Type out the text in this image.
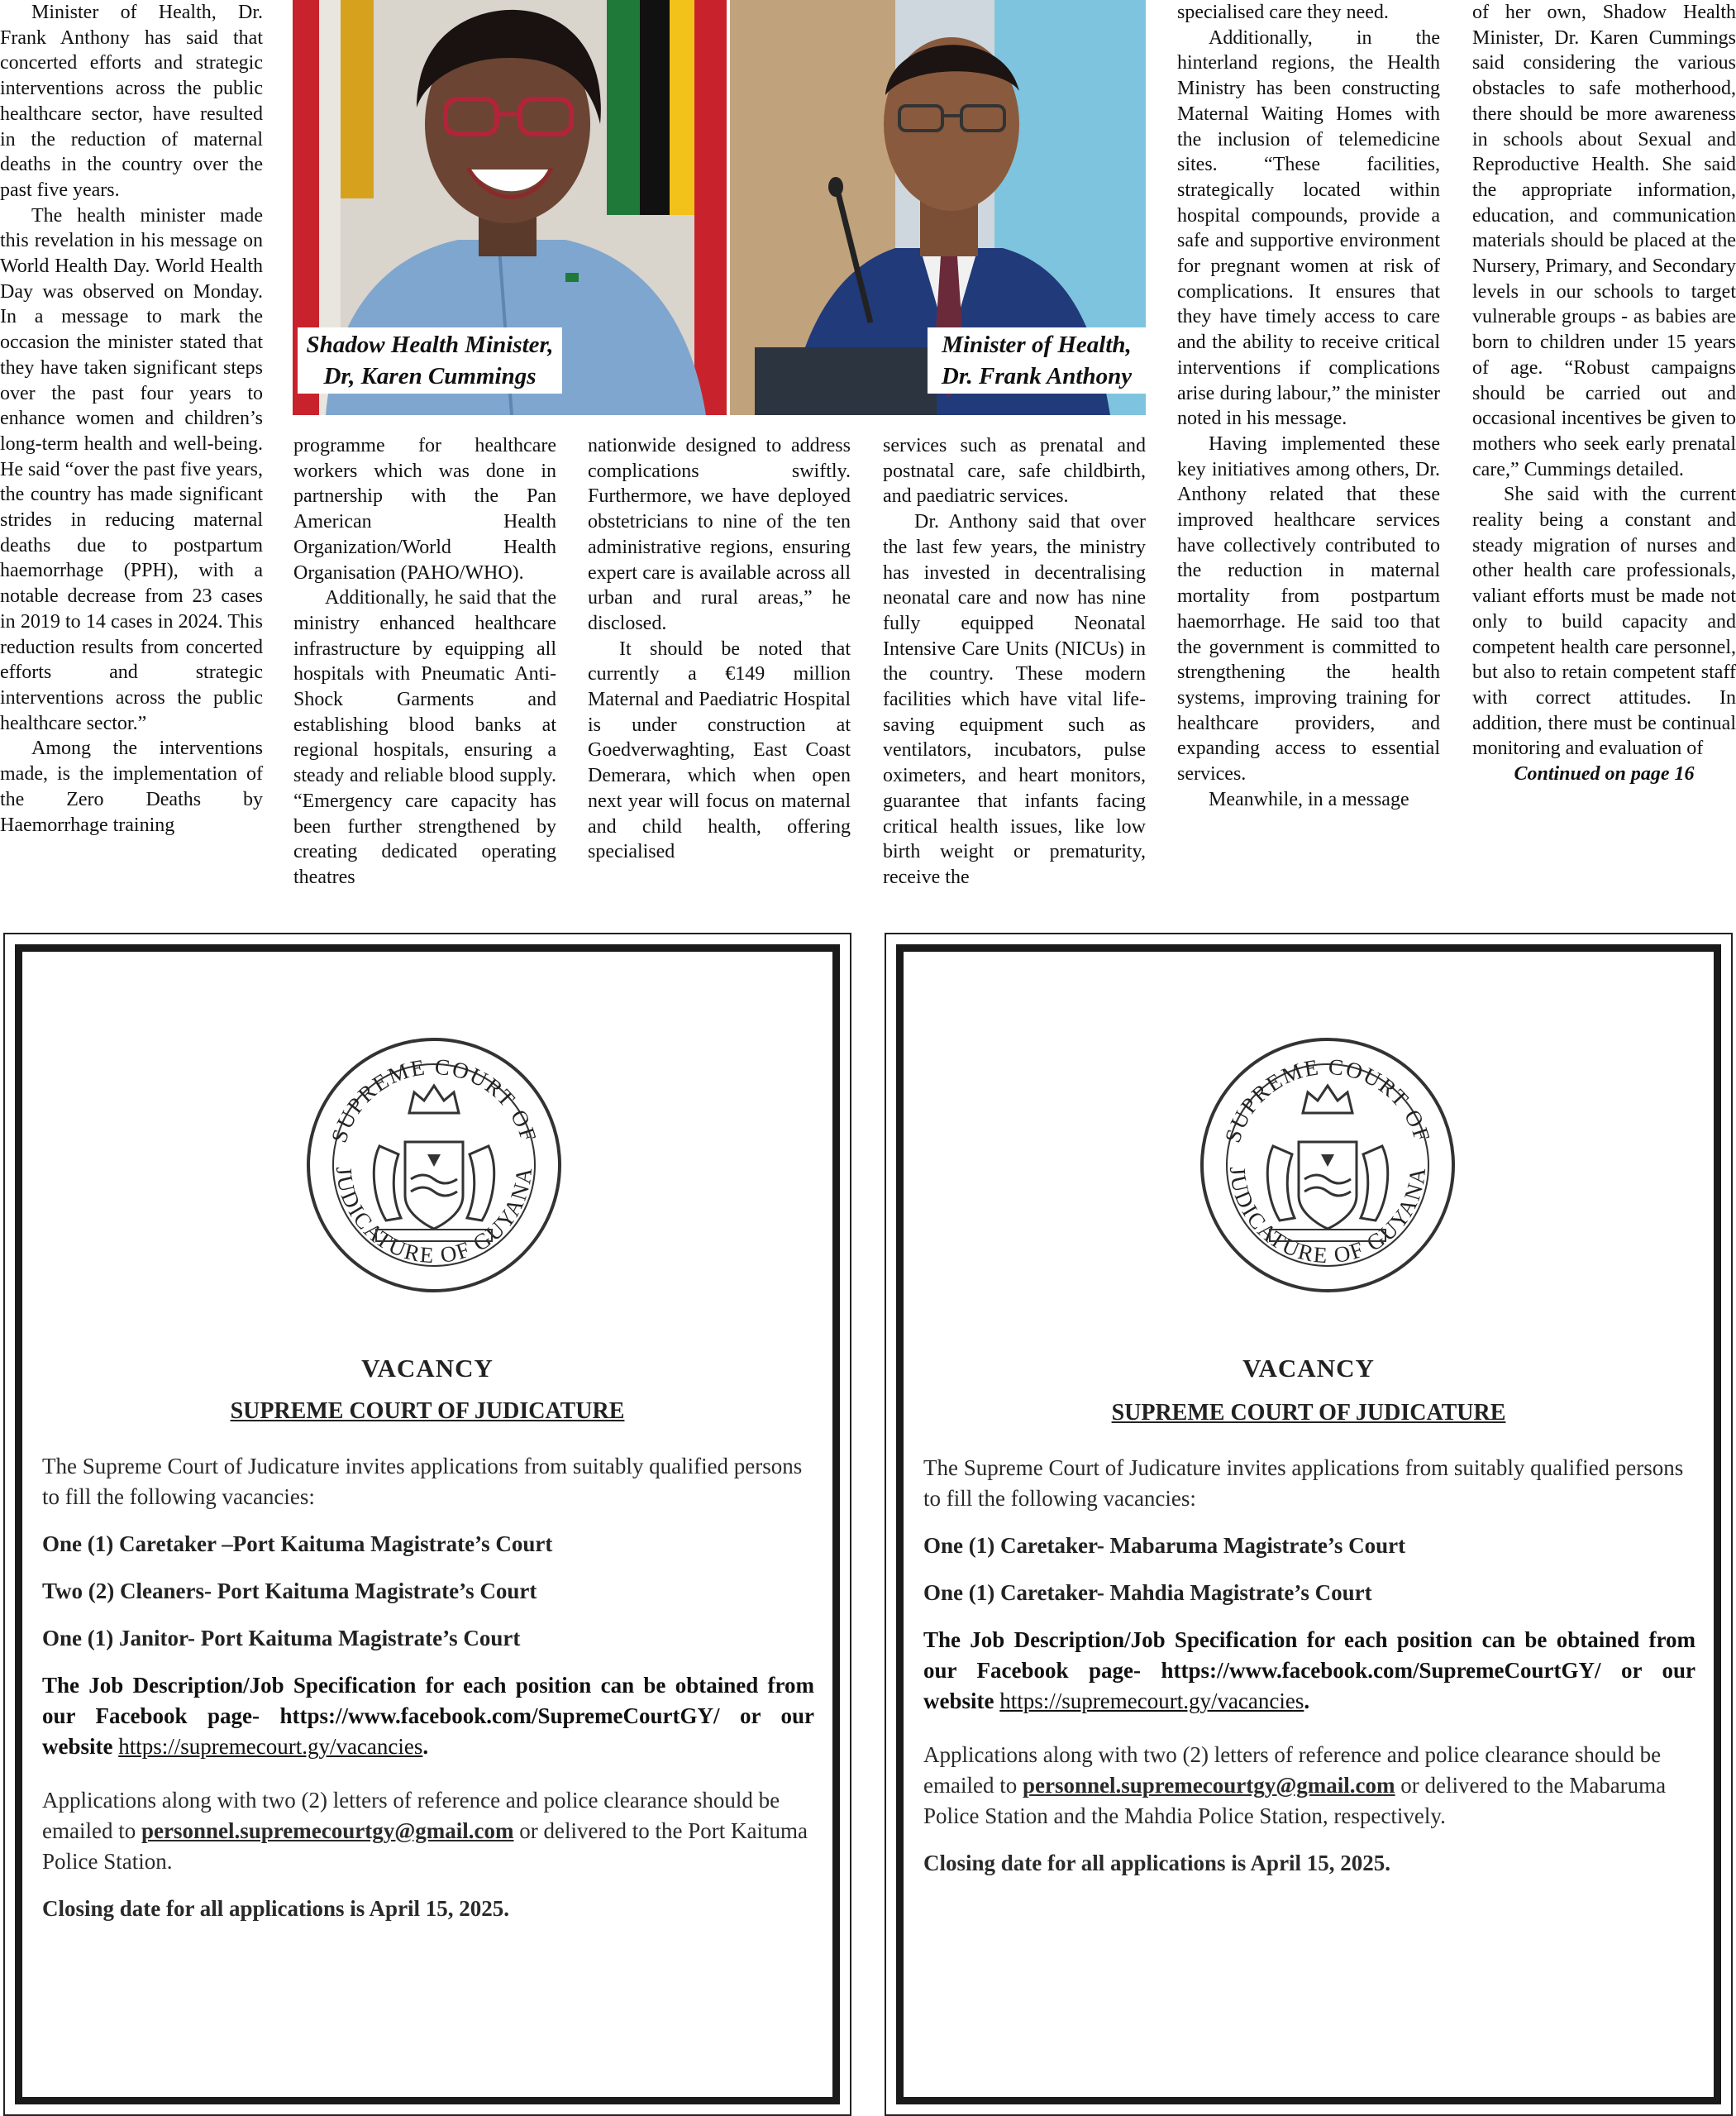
Minister of Health, Dr. Frank Anthony has said that concerted efforts and strategic interventions across the public healthcare sector, have resulted in the reduction of maternal deaths in the country over the past five years.

The health minister made this revelation in his message on World Health Day. World Health Day was observed on Monday. In a message to mark the occasion the minister stated that they have taken significant steps over the past four years to enhance women and children’s long-term health and well-being. He said “over the past five years, the country has made significant strides in reducing maternal deaths due to postpartum haemorrhage (PPH), with a notable decrease from 23 cases in 2019 to 14 cases in 2024. This reduction results from concerted efforts and strategic interventions across the public healthcare sector.”

Among the interventions made, is the implementation of the Zero Deaths by Haemorrhage training

Shadow Health Minister, Dr, Karen Cummings
Minister of Health, Dr. Frank Anthony

programme for healthcare workers which was done in partnership with the Pan American Health Organization/World Health Organisation (PAHO/WHO).

Additionally, he said that the ministry enhanced healthcare infrastructure by equipping all hospitals with Pneumatic Anti-Shock Garments and establishing blood banks at regional hospitals, ensuring a steady and reliable blood supply. “Emergency care capacity has been further strengthened by creating dedicated operating theatres

nationwide designed to address complications swiftly. Furthermore, we have deployed obstetricians to nine of the ten administrative regions, ensuring expert care is available across all urban and rural areas,” he disclosed.

It should be noted that currently a €149 million Maternal and Paediatric Hospital is under construction at Goedverwaghting, East Coast Demerara, which when open next year will focus on maternal and child health, offering specialised

services such as prenatal and postnatal care, safe childbirth, and paediatric services.

Dr. Anthony said that over the last few years, the ministry has invested in decentralising neonatal care and now has nine fully equipped Neonatal Intensive Care Units (NICUs) in the country. These modern facilities which have vital life-saving equipment such as ventilators, incubators, pulse oximeters, and heart monitors, guarantee that infants facing critical health issues, like low birth weight or prematurity, receive the

specialised care they need.

Additionally, in the hinterland regions, the Health Ministry has been constructing Maternal Waiting Homes with the inclusion of telemedicine sites. “These facilities, strategically located within hospital compounds, provide a safe and supportive environment for pregnant women at risk of complications. It ensures that they have timely access to care and the ability to receive critical interventions if complications arise during labour,” the minister noted in his message.

Having implemented these key initiatives among others, Dr. Anthony related that these improved healthcare services have collectively contributed to the reduction in maternal mortality from postpartum haemorrhage. He said too that the government is committed to strengthening the health systems, improving training for healthcare providers, and expanding access to essential services.

Meanwhile, in a message

of her own, Shadow Health Minister, Dr. Karen Cummings said considering the various obstacles to safe motherhood, there should be more awareness in schools about Sexual and Reproductive Health. She said the appropriate information, education, and communication materials should be placed at the Nursery, Primary, and Secondary levels in our schools to target vulnerable groups - as babies are born to children under 15 years of age. “Robust campaigns should be carried out and occasional incentives be given to mothers who seek early prenatal care,” Cummings detailed.

She said with the current reality being a constant and steady migration of nurses and other health care professionals, valiant efforts must be made not only to build capacity and competent health care personnel, but also to retain competent staff with correct attitudes. In addition, there must be continual monitoring and evaluation of

Continued on page 16

SUPREME COURT OF
JUDICATURE OF GUYANA
VACANCY
SUPREME COURT OF JUDICATURE

The Supreme Court of Judicature invites applications from suitably qualified persons to fill the following vacancies:

One (1) Caretaker –Port Kaituma Magistrate’s Court
Two (2) Cleaners- Port Kaituma Magistrate’s Court
One (1) Janitor- Port Kaituma Magistrate’s Court

The Job Description/Job Specification for each position can be obtained from our Facebook page- https://www.facebook.com/SupremeCourtGY/ or our website https://supremecourt.gy/vacancies.

Applications along with two (2) letters of reference and police clearance should be emailed to personnel.supremecourtgy@gmail.com or delivered to the Port Kaituma Police Station.

Closing date for all applications is April 15, 2025.

SUPREME COURT OF
JUDICATURE OF GUYANA
VACANCY
SUPREME COURT OF JUDICATURE

The Supreme Court of Judicature invites applications from suitably qualified persons to fill the following vacancies:

One (1) Caretaker- Mabaruma Magistrate’s Court
One (1) Caretaker- Mahdia Magistrate’s Court

The Job Description/Job Specification for each position can be obtained from our Facebook page- https://www.facebook.com/SupremeCourtGY/ or our website https://supremecourt.gy/vacancies.

Applications along with two (2) letters of reference and police clearance should be emailed to personnel.supremecourtgy@gmail.com or delivered to the Mabaruma Police Station and the Mahdia Police Station, respectively.

Closing date for all applications is April 15, 2025.
